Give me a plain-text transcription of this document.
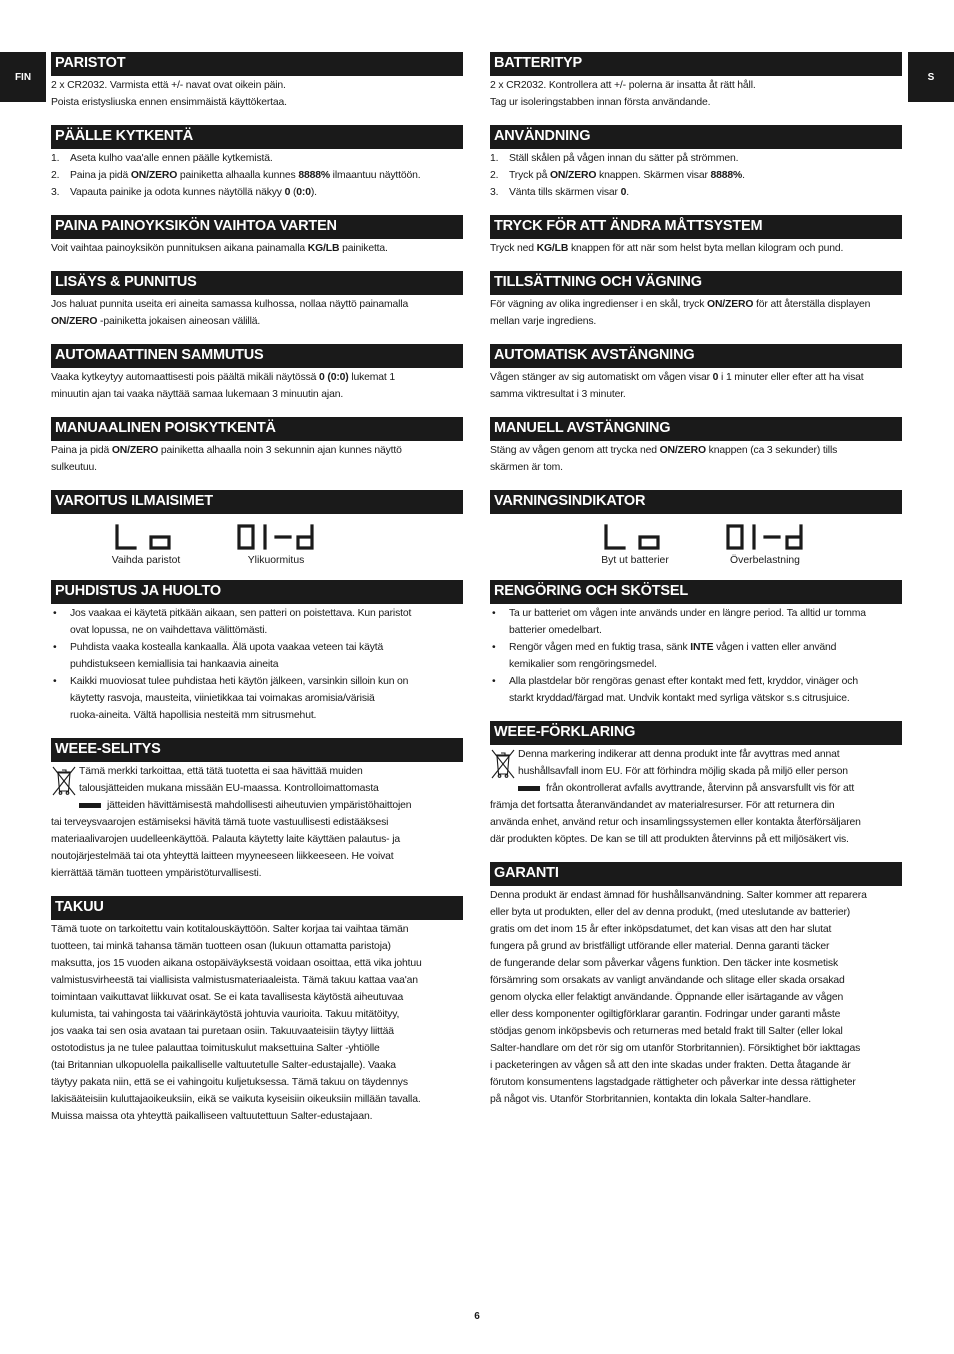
FIN	S
PARISTOT

2 x CR2032. Varmista että +/- navat ovat oikein päin.

Poista eristysliuska ennen ensimmäistä käyttökertaa.

PÄÄLLE KYTKENTÄ
1.	Aseta kulho vaa'alle ennen päälle kytkemistä.
2.	Paina ja pidä ON/ZERO painiketta alhaalla kunnes 8888% ilmaantuu näyttöön.
3.	Vapauta painike ja odota kunnes näytöllä näkyy 0 (0:0).
PAINA PAINOYKSIKÖN VAIHTOA VARTEN

Voit vaihtaa painoyksikön punnituksen aikana painamalla KG/LB painiketta.

LISÄYS & PUNNITUS

Jos haluat punnita useita eri aineita samassa kulhossa, nollaa näyttö painamalla

ON/ZERO -painiketta jokaisen aineosan välillä.

AUTOMAATTINEN SAMMUTUS

Vaaka kytkeytyy automaattisesti pois päältä mikäli näytössä 0 (0:0) lukemat 1

minuutin ajan tai vaaka näyttää samaa lukemaan 3 minuutin ajan.

MANUAALINEN POISKYTKENTÄ

Paina ja pidä ON/ZERO painiketta alhaalla noin 3 sekunnin ajan kunnes näyttö

sulkeutuu.

VAROITUS ILMAISIMET
Vaihda paristot	Ylikuormitus
PUHDISTUS JA HUOLTO
•	Jos vaakaa ei käytetä pitkään aikaan, sen patteri on poistettava. Kun paristot
ovat lopussa, ne on vaihdettava välittömästi.
•	Puhdista vaaka kostealla kankaalla. Älä upota vaakaa veteen tai käytä
puhdistukseen kemiallisia tai hankaavia aineita
•	Kaikki muoviosat tulee puhdistaa heti käytön jälkeen, varsinkin silloin kun on
käytetty rasvoja, mausteita, viinietikkaa tai voimakas aromisia/värisiä
ruoka-aineita. Vältä hapollisia nesteitä mm sitrusmehut.
WEEE-SELITYS

Tämä merkki tarkoittaa, että tätä tuotetta ei saa hävittää muiden

talousjätteiden mukana missään EU-maassa. Kontrolloimattomasta

jätteiden hävittämisestä mahdollisesti aiheutuvien ympäristöhaittojen

tai terveysvaarojen estämiseksi hävitä tämä tuote vastuullisesti edistääksesi

materiaalivarojen uudelleenkäyttöä. Palauta käytetty laite käyttäen palautus- ja

noutojärjestelmää tai ota yhteyttä laitteen myyneeseen liikkeeseen. He voivat

kierrättää tämän tuotteen ympäristöturvallisesti.

TAKUU

Tämä tuote on tarkoitettu vain kotitalouskäyttöön. Salter korjaa tai vaihtaa tämän

tuotteen, tai minkä tahansa tämän tuotteen osan (lukuun ottamatta paristoja)

maksutta, jos 15 vuoden aikana ostopäiväyksestä voidaan osoittaa, että vika johtuu

valmistusvirheestä tai viallisista valmistusmateriaaleista. Tämä takuu kattaa vaa'an

toimintaan vaikuttavat liikkuvat osat. Se ei kata tavallisesta käytöstä aiheutuvaa

kulumista, tai vahingosta tai väärinkäytöstä johtuvia vaurioita. Takuu mitätöityy,

jos vaaka tai sen osia avataan tai puretaan osiin. Takuuvaateisiin täytyy liittää

ostotodistus ja ne tulee palauttaa toimituskulut maksettuina Salter -yhtiölle

(tai Britannian ulkopuolella paikalliselle valtuutetulle Salter-edustajalle). Vaaka

täytyy pakata niin, että se ei vahingoitu kuljetuksessa. Tämä takuu on täydennys

lakisääteisiin kuluttajaoikeuksiin, eikä se vaikuta kyseisiin oikeuksiin millään tavalla.

Muissa maissa ota yhteyttä paikalliseen valtuutettuun Salter-edustajaan.

BATTERITYP

2 x CR2032. Kontrollera att +/- polerna är insatta åt rätt håll.

Tag ur isoleringstabben innan första användande.

ANVÄNDNING
1.	Ställ skålen på vågen innan du sätter på strömmen.
2.	Tryck på ON/ZERO knappen. Skärmen visar 8888%.
3.	Vänta tills skärmen visar 0.
TRYCK FÖR ATT ÄNDRA MÅTTSYSTEM

Tryck ned KG/LB knappen för att när som helst byta mellan kilogram och pund.

TILLSÄTTNING OCH VÄGNING

För vägning av olika ingredienser i en skål, tryck ON/ZERO för att återställa displayen

mellan varje ingrediens.

AUTOMATISK AVSTÄNGNING

Vågen stänger av sig automatiskt om vågen visar 0 i 1 minuter eller efter att ha visat

samma viktresultat i 3 minuter.

MANUELL AVSTÄNGNING

Stäng av vågen genom att trycka ned ON/ZERO knappen (ca 3 sekunder) tills

skärmen är tom.

VARNINGSINDIKATOR
Byt ut batterier	Överbelastning
RENGÖRING OCH SKÖTSEL
•	Ta ur batteriet om vågen inte används under en längre period. Ta alltid ur tomma
batterier omedelbart.
•	Rengör vågen med en fuktig trasa, sänk INTE vågen i vatten eller använd
kemikalier som rengöringsmedel.
•	Alla plastdelar bör rengöras genast efter kontakt med fett, kryddor, vinäger och
starkt kryddad/färgad mat. Undvik kontakt med syrliga vätskor s.s citrusjuice.
WEEE-FÖRKLARING

Denna markering indikerar att denna produkt inte får avyttras med annat

hushållsavfall inom EU. För att förhindra möjlig skada på miljö eller person

från okontrollerat avfalls avyttrande, återvinn på ansvarsfullt vis för att

främja det fortsatta återanvändandet av materialresurser. För att returnera din

använda enhet, använd retur och insamlingssystemen eller kontakta återförsäljaren

där produkten köptes. De kan se till att produkten återvinns på ett miljösäkert vis.

GARANTI

Denna produkt är endast ämnad för hushållsanvändning. Salter kommer att reparera

eller byta ut produkten, eller del av denna produkt, (med uteslutande av batterier)

gratis om det inom 15 år efter inköpsdatumet, det kan visas att den har slutat

fungera på grund av bristfälligt utförande eller material. Denna garanti täcker

de fungerande delar som påverkar vågens funktion. Den täcker inte kosmetisk

försämring som orsakats av vanligt användande och slitage eller skada orsakad

genom olycka eller felaktigt användande. Öppnande eller isärtagande av vågen

eller dess komponenter ogiltigförklarar garantin. Fodringar under garanti måste

stödjas genom inköpsbevis och returneras med betald frakt till Salter (eller lokal

Salter-handlare om det rör sig om utanför Storbritannien). Försiktighet bör iakttagas

i packeteringen av vågen så att den inte skadas under frakten. Detta åtagande är

förutom konsumentens lagstadgade rättigheter och påverkar inte dessa rättigheter

på något vis. Utanför Storbritannien, kontakta din lokala Salter-handlare.

6
